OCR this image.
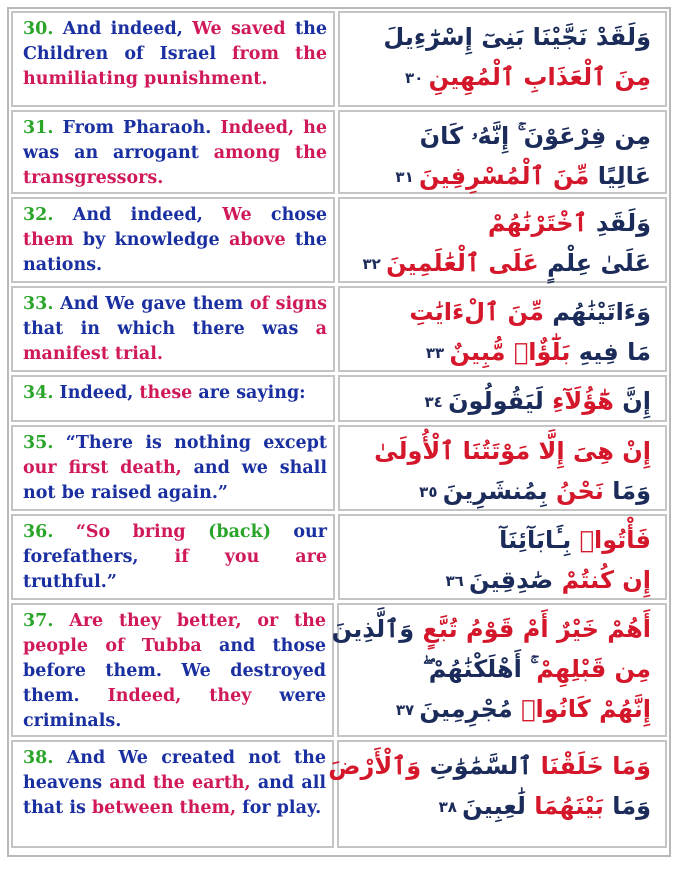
30. And indeed, We saved the Children of Israel from the humiliating punishment.
وَلَقَدْ نَجَّيْنَا بَنِىٓ إِسْرَٰٓءِيلَ
مِنَ ٱلْعَذَابِ ٱلْمُهِينِ ٣٠
31. From Pharaoh. Indeed, he was an arrogant among the transgressors.
مِن فِرْعَوْنَ ۚ إِنَّهُۥ كَانَ
عَالِيًا مِّنَ ٱلْمُسْرِفِينَ ٣١
32. And indeed, We chose them by knowledge above the nations.
وَلَقَدِ ٱخْتَرْنَٰهُمْ
عَلَىٰ عِلْمٍ عَلَى ٱلْعَٰلَمِينَ ٣٢
33. And We gave them of signs that in which there was a manifest trial.
وَءَاتَيْنَٰهُم مِّنَ ٱلْءَايَٰتِ
مَا فِيهِ بَلَٰٓؤٌا۟ مُّبِينٌ ٣٣
34. Indeed, these are saying:	إِنَّ هَٰٓؤُلَآءِ لَيَقُولُونَ ٣٤
35. “There is nothing except our first death, and we shall not be raised again.”
إِنْ هِىَ إِلَّا مَوْتَتُنَا ٱلْأُولَىٰ
وَمَا نَحْنُ بِمُنشَرِينَ ٣٥
36. “So bring (back) our forefathers, if you are truthful.”
فَأْتُوا۟ بِـَٔابَآئِنَآ
إِن كُنتُمْ صَٰدِقِينَ ٣٦
37. Are they better, or the people of Tubba and those before them. We destroyed them. Indeed, they were criminals.
أَهُمْ خَيْرٌ أَمْ قَوْمُ تُبَّعٍ وَٱلَّذِينَ
مِن قَبْلِهِمْ ۚ أَهْلَكْنَٰهُمْ ۖ
إِنَّهُمْ كَانُوا۟ مُجْرِمِينَ ٣٧
38. And We created not the heavens and the earth, and all that is between them, for play.
وَمَا خَلَقْنَا ٱلسَّمَٰوَٰتِ وَٱلْأَرْضَ
وَمَا بَيْنَهُمَا لَٰعِبِينَ ٣٨
